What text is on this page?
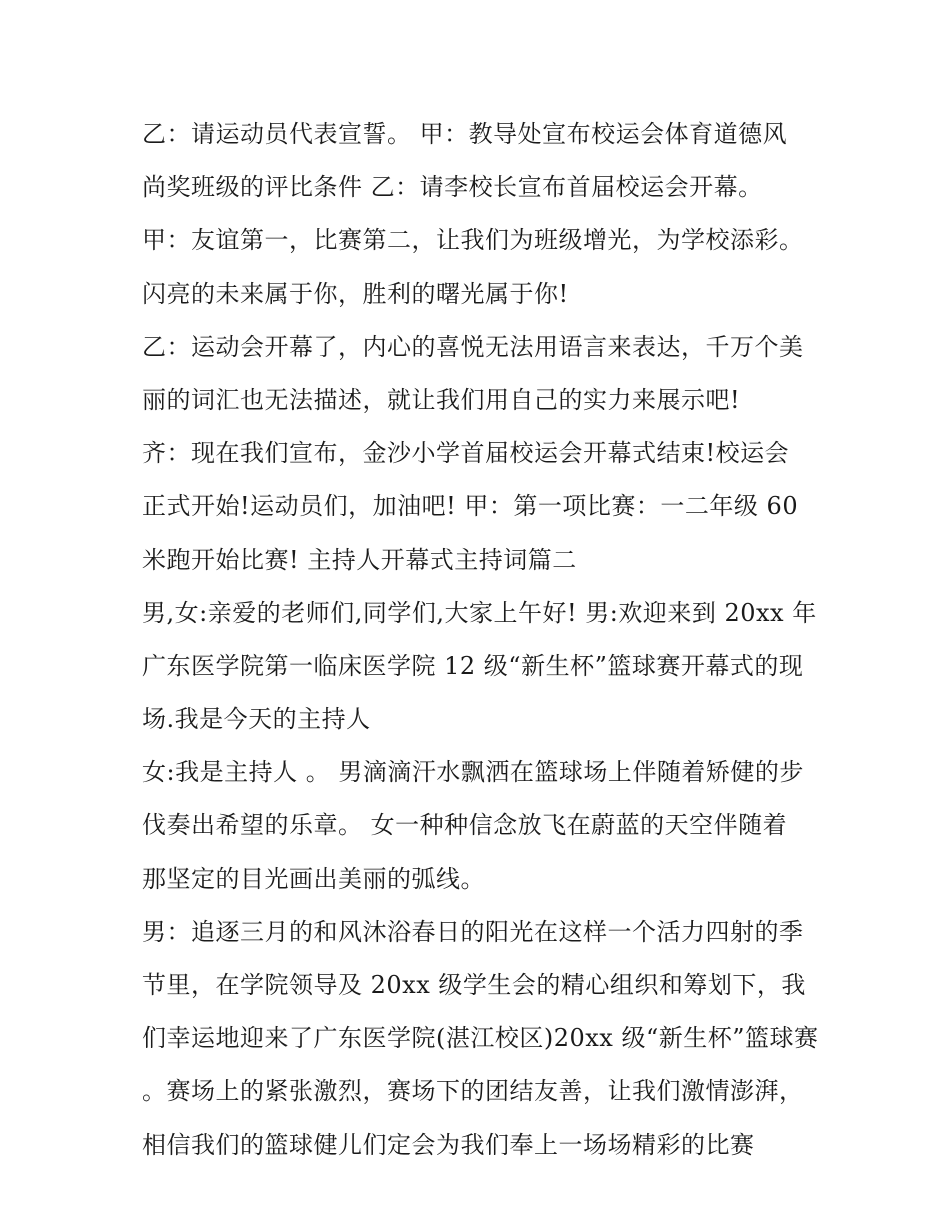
乙：请运动员代表宣誓。 甲：教导处宣布校运会体育道德风
尚奖班级的评比条件 乙：请李校长宣布首届校运会开幕。
甲：友谊第一，比赛第二，让我们为班级增光，为学校添彩。
闪亮的未来属于你，胜利的曙光属于你!
乙：运动会开幕了，内心的喜悦无法用语言来表达，千万个美
丽的词汇也无法描述，就让我们用自己的实力来展示吧!
齐：现在我们宣布，金沙小学首届校运会开幕式结束!校运会
正式开始!运动员们，加油吧! 甲：第一项比赛：一二年级 60
米跑开始比赛! 主持人开幕式主持词篇二
男,女:亲爱的老师们,同学们,大家上午好! 男:欢迎来到 20xx 年
广东医学院第一临床医学院 12 级“新生杯”篮球赛开幕式的现
场.我是今天的主持人
女:我是主持人 。 男滴滴汗水飘洒在篮球场上伴随着矫健的步
伐奏出希望的乐章。 女一种种信念放飞在蔚蓝的天空伴随着
那坚定的目光画出美丽的弧线。
男：追逐三月的和风沐浴春日的阳光在这样一个活力四射的季
节里，在学院领导及 20xx 级学生会的精心组织和筹划下，我
们幸运地迎来了广东医学院(湛江校区)20xx 级“新生杯”篮球赛
。赛场上的紧张激烈，赛场下的团结友善，让我们激情澎湃，
相信我们的篮球健儿们定会为我们奉上一场场精彩的比赛
